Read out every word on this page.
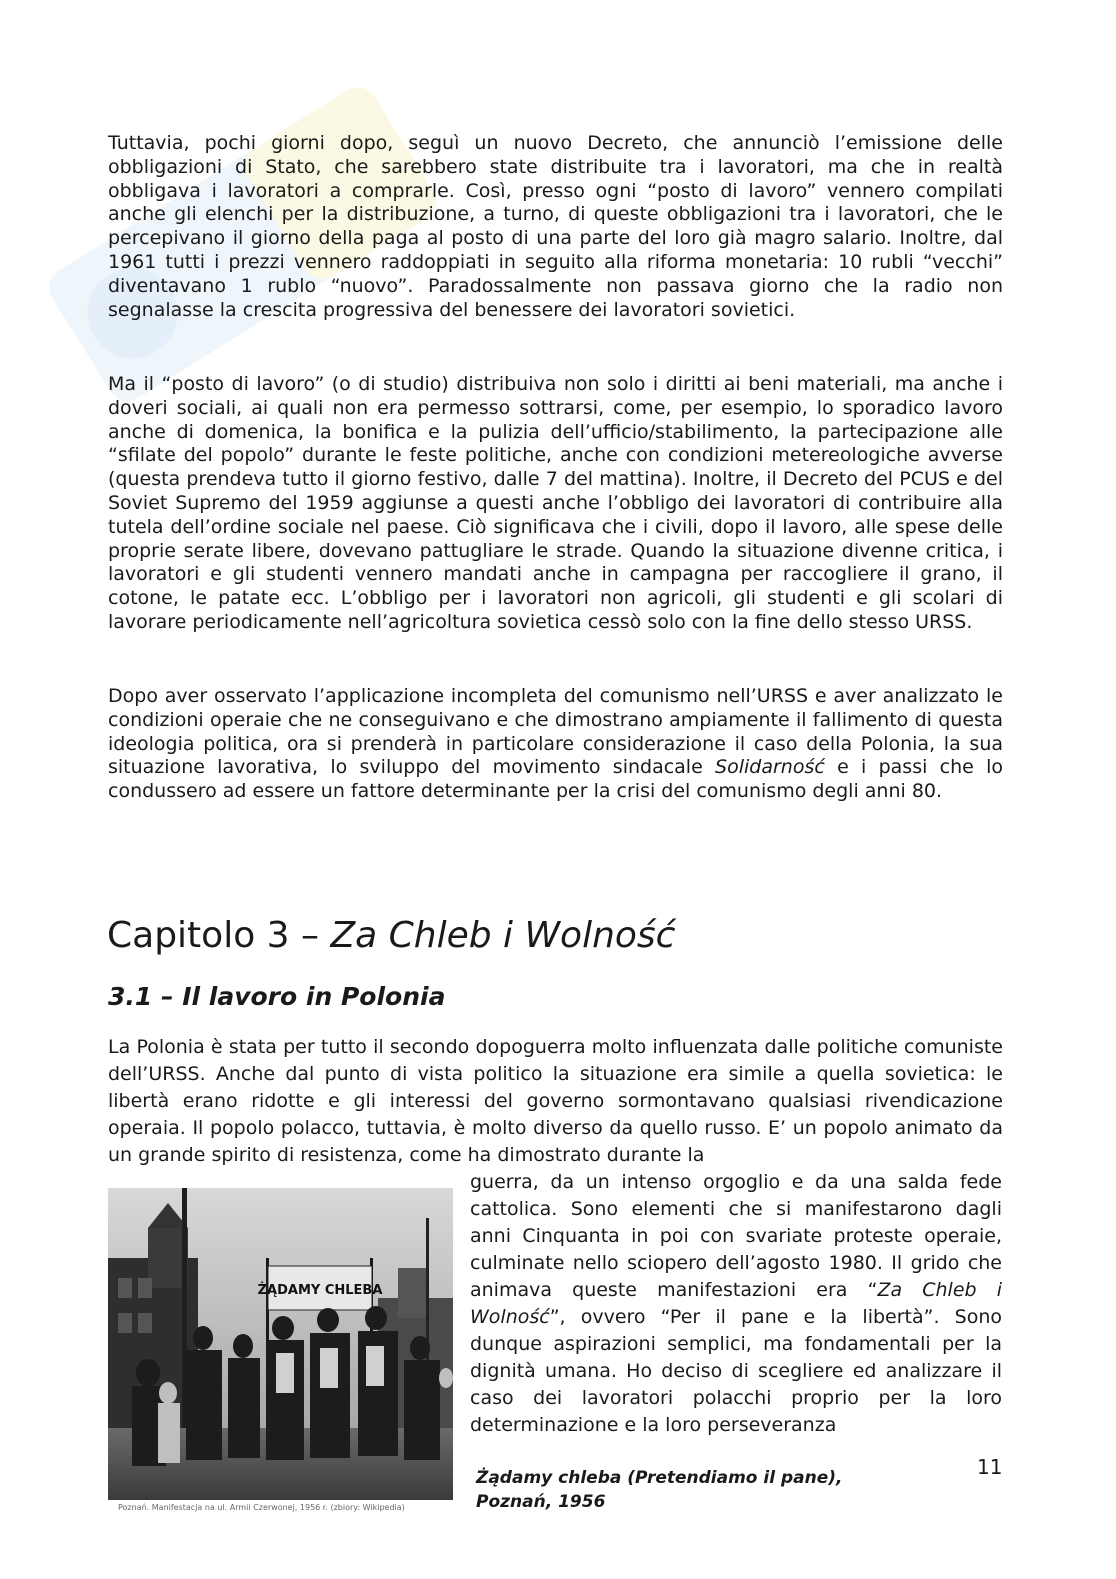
Tuttavia, pochi giorni dopo, seguì un nuovo Decreto, che annunciò l’emissione delle obbligazioni di Stato, che sarebbero state distribuite tra i lavoratori, ma che in realtà obbligava i lavoratori a comprarle. Così, presso ogni “posto di lavoro” vennero compilati anche gli elenchi per la distribuzione, a turno, di queste obbligazioni tra i lavoratori, che le percepivano il giorno della paga al posto di una parte del loro già magro salario. Inoltre, dal 1961 tutti i prezzi vennero raddoppiati in seguito alla riforma monetaria: 10 rubli “vecchi” diventavano 1 rublo “nuovo”. Paradossalmente non passava giorno che la radio non segnalasse la crescita progressiva del benessere dei lavoratori sovietici.

Ma il “posto di lavoro” (o di studio) distribuiva non solo i diritti ai beni materiali, ma anche i doveri sociali, ai quali non era permesso sottrarsi, come, per esempio, lo sporadico lavoro anche di domenica, la bonifica e la pulizia dell’ufficio/stabilimento, la partecipazione alle “sfilate del popolo” durante le feste politiche, anche con condizioni metereologiche avverse (questa prendeva tutto il giorno festivo, dalle 7 del mattina). Inoltre, il Decreto del PCUS e del Soviet Supremo del 1959 aggiunse a questi anche l’obbligo dei lavoratori di contribuire alla tutela dell’ordine sociale nel paese. Ciò significava che i civili, dopo il lavoro, alle spese delle proprie serate libere, dovevano pattugliare le strade. Quando la situazione divenne critica, i lavoratori e gli studenti vennero mandati anche in campagna per raccogliere il grano, il cotone, le patate ecc. L’obbligo per i lavoratori non agricoli, gli studenti e gli scolari di lavorare periodicamente nell’agricoltura sovietica cessò solo con la fine dello stesso URSS.

Dopo aver osservato l’applicazione incompleta del comunismo nell’URSS e aver analizzato le condizioni operaie che ne conseguivano e che dimostrano ampiamente il fallimento di questa ideologia politica, ora si prenderà in particolare considerazione il caso della Polonia, la sua situazione lavorativa, lo sviluppo del movimento sindacale Solidarność e i passi che lo condussero ad essere un fattore determinante per la crisi del comunismo degli anni 80.

Capitolo 3 – Za Chleb i Wolność
3.1 – Il lavoro in Polonia

La Polonia è stata per tutto il secondo dopoguerra molto influenzata dalle politiche comuniste dell’URSS. Anche dal punto di vista politico la situazione era simile a quella sovietica: le libertà erano ridotte e gli interessi del governo sormontavano qualsiasi rivendicazione operaia. Il popolo polacco, tuttavia, è molto diverso da quello russo. E’ un popolo animato da un grande spirito di resistenza, come ha dimostrato durante la

guerra, da un intenso orgoglio e da una salda fede cattolica. Sono elementi che si manifestarono dagli anni Cinquanta in poi con svariate proteste operaie, culminate nello sciopero dell’agosto 1980. Il grido che animava queste manifestazioni era “Za Chleb i Wolność”, ovvero “Per il pane e la libertà”. Sono dunque aspirazioni semplici, ma fondamentali per la dignità umana. Ho deciso di scegliere ed analizzare il caso dei lavoratori polacchi proprio per la loro determinazione e la loro perseveranza

ŻĄDAMY CHLEBA
Poznań. Manifestacja na ul. Armii Czerwonej, 1956 r. (zbiory: Wikipedia)

Żądamy chleba (Pretendiamo il pane), Poznań, 1956

11
